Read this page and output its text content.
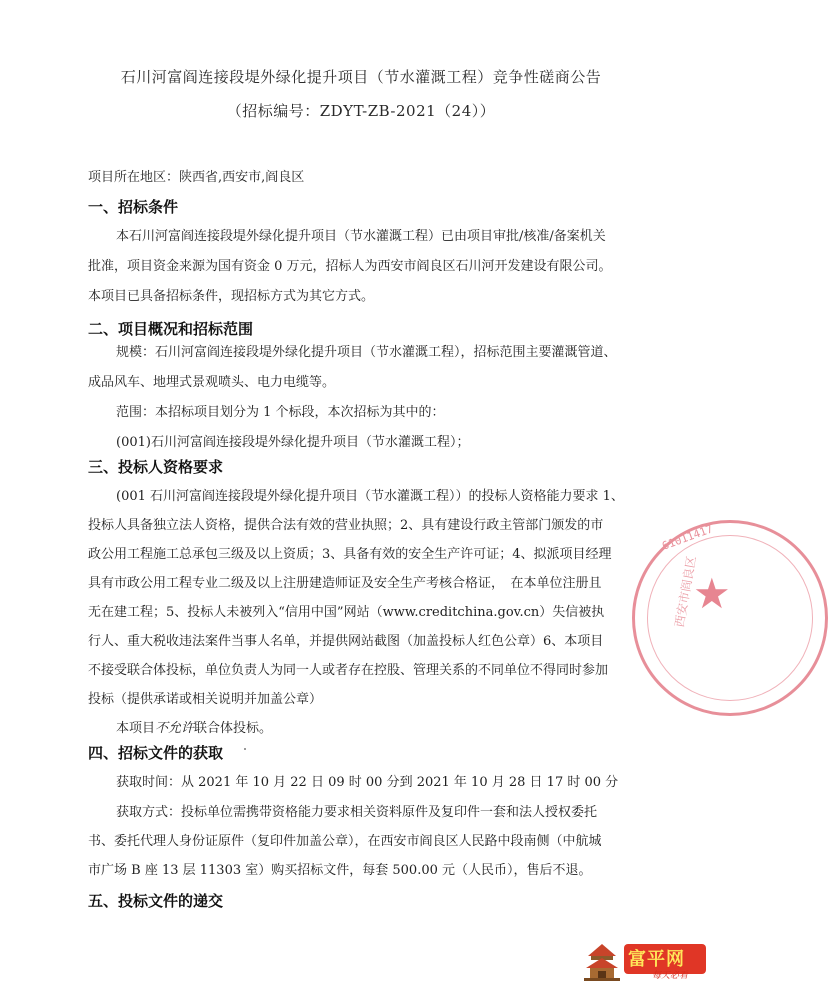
石川河富阎连接段堤外绿化提升项目（节水灌溉工程）竞争性磋商公告
（招标编号：ZDYT-ZB-2021（24））
项目所在地区：陕西省,西安市,阎良区
一、招标条件
本石川河富阎连接段堤外绿化提升项目（节水灌溉工程）已由项目审批/核准/备案机关
批准，项目资金来源为国有资金 0 万元，招标人为西安市阎良区石川河开发建设有限公司。
本项目已具备招标条件，现招标方式为其它方式。
二、项目概况和招标范围
规模：石川河富阎连接段堤外绿化提升项目（节水灌溉工程），招标范围主要灌溉管道、
成品风车、地埋式景观喷头、电力电缆等。
范围：本招标项目划分为 1 个标段，本次招标为其中的：
(001)石川河富阎连接段堤外绿化提升项目（节水灌溉工程）；
三、投标人资格要求
(001 石川河富阎连接段堤外绿化提升项目（节水灌溉工程））的投标人资格能力要求 1、
投标人具备独立法人资格，提供合法有效的营业执照；2、具有建设行政主管部门颁发的市
政公用工程施工总承包三级及以上资质；3、具备有效的安全生产许可证；4、拟派项目经理
具有市政公用工程专业二级及以上注册建造师证及安全生产考核合格证，　在本单位注册且
无在建工程；5、投标人未被列入“信用中国”网站（www.creditchina.gov.cn）失信被执
行人、重大税收违法案件当事人名单，并提供网站截图（加盖投标人红色公章）6、本项目
不接受联合体投标，单位负责人为同一人或者存在控股、管理关系的不同单位不得同时参加
投标（提供承诺或相关说明并加盖公章）
本项目不允许联合体投标。
四、招标文件的获取
获取时间：从 2021 年 10 月 22 日 09 时 00 分到 2021 年 10 月 28 日 17 时 00 分
获取方式：投标单位需携带资格能力要求相关资料原件及复印件一套和法人授权委托
书、委托代理人身份证原件（复印件加盖公章），在西安市阎良区人民路中段南侧（中航城
市广场 B 座 13 层 11303 室）购买招标文件，每套 500.00 元（人民币），售后不退。
五、投标文件的递交
★
61011417
西安市阎良区
富平网
每天必看
